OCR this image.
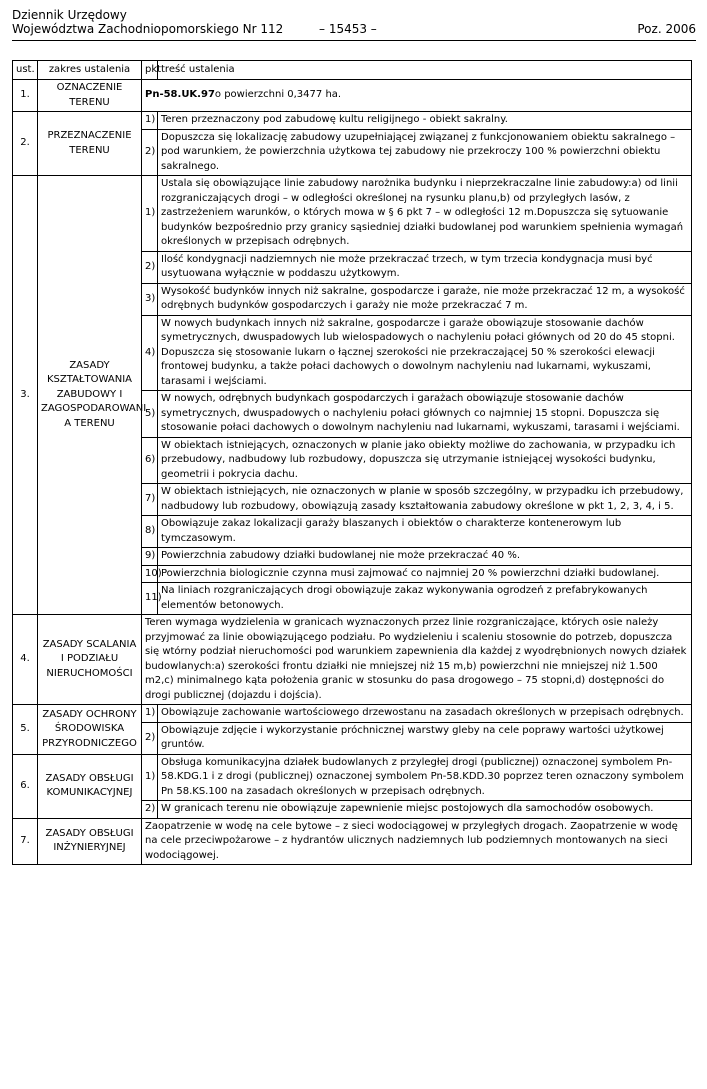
Dziennik Urzędowy
Województwa Zachodniopomorskiego Nr 112	– 15453 –	Poz. 2006
ust.	zakres ustalenia	pkt	treść ustalenia
1.	OZNACZENIE TERENU	Pn-58.UK.97o powierzchni 0,3477 ha.	
2.	PRZEZNACZENIE TERENU	1)	Teren przeznaczony pod zabudowę kultu religijnego - obiekt sakralny.
		2)	Dopuszcza się lokalizację zabudowy uzupełniającej związanej z funkcjonowaniem obiektu sakralnego – pod warunkiem, że powierzchnia użytkowa tej zabudowy nie przekroczy 100 % powierzchni obiektu sakralnego.
3.	ZASADY KSZTAŁTOWANIA ZABUDOWY I ZAGOSPODAROWANI A TERENU	1)	Ustala się obowiązujące linie zabudowy narożnika budynku i nieprzekraczalne linie zabudowy:a) od linii rozgraniczających drogi – w odległości określonej na rysunku planu,b) od przyległych lasów, z zastrzeżeniem warunków, o których mowa w § 6 pkt 7 – w odległości 12 m.Dopuszcza się sytuowanie budynków bezpośrednio przy granicy sąsiedniej działki budowlanej pod warunkiem spełnienia wymagań określonych w przepisach odrębnych.
		2)	Ilość kondygnacji nadziemnych nie może przekraczać trzech, w tym trzecia kondygnacja musi być usytuowana wyłącznie w poddaszu użytkowym.
		3)	Wysokość budynków innych niż sakralne, gospodarcze i garaże, nie może przekraczać 12 m, a wysokość odrębnych budynków gospodarczych i garaży nie może przekraczać 7 m.
		4)	W nowych budynkach innych niż sakralne, gospodarcze i garaże obowiązuje stosowanie dachów symetrycznych, dwuspadowych lub wielospadowych o nachyleniu połaci głównych od 20 do 45 stopni. Dopuszcza się stosowanie lukarn o łącznej szerokości nie przekraczającej 50 % szerokości elewacji frontowej budynku, a także połaci dachowych o dowolnym nachyleniu nad lukarnami, wykuszami, tarasami i wejściami.
		5)	W nowych, odrębnych budynkach gospodarczych i garażach obowiązuje stosowanie dachów symetrycznych, dwuspadowych o nachyleniu połaci głównych co najmniej 15 stopni. Dopuszcza się stosowanie połaci dachowych o dowolnym nachyleniu nad lukarnami, wykuszami, tarasami i wejściami.
		6)	W obiektach istniejących, oznaczonych w planie jako obiekty możliwe do zachowania, w przypadku ich przebudowy, nadbudowy lub rozbudowy, dopuszcza się utrzymanie istniejącej wysokości budynku, geometrii i pokrycia dachu.
		7)	W obiektach istniejących, nie oznaczonych w planie w sposób szczególny, w przypadku ich przebudowy, nadbudowy lub rozbudowy, obowiązują zasady kształtowania zabudowy określone w pkt 1, 2, 3, 4, i 5.
		8)	Obowiązuje zakaz lokalizacji garaży blaszanych i obiektów o charakterze kontenerowym lub tymczasowym.
		9)	Powierzchnia zabudowy działki budowlanej nie może przekraczać 40 %.
		10)	Powierzchnia biologicznie czynna musi zajmować co najmniej 20 % powierzchni działki budowlanej.
		11)	Na liniach rozgraniczających drogi obowiązuje zakaz wykonywania ogrodzeń z prefabrykowanych elementów betonowych.
4.	ZASADY SCALANIA I PODZIAŁU NIERUCHOMOŚCI	Teren wymaga wydzielenia w granicach wyznaczonych przez linie rozgraniczające, których osie należy przyjmować za linie obowiązującego podziału. Po wydzieleniu i scaleniu stosownie do potrzeb, dopuszcza się wtórny podział nieruchomości pod warunkiem zapewnienia dla każdej z wyodrębnionych nowych działek budowlanych:a) szerokości frontu działki nie mniejszej niż 15 m,b) powierzchni nie mniejszej niż 1.500 m2,c) minimalnego kąta położenia granic w stosunku do pasa drogowego – 75 stopni,d) dostępności do drogi publicznej (dojazdu i dojścia).	
5.	ZASADY OCHRONY ŚRODOWISKA PRZYRODNICZEGO	1)	Obowiązuje zachowanie wartościowego drzewostanu na zasadach określonych w przepisach odrębnych.
		2)	Obowiązuje zdjęcie i wykorzystanie próchnicznej warstwy gleby na cele poprawy wartości użytkowej gruntów.
6.	ZASADY OBSŁUGI KOMUNIKACYJNEJ	1)	Obsługa komunikacyjna działek budowlanych z przyległej drogi (publicznej) oznaczonej symbolem Pn-58.KDG.1 i z drogi (publicznej) oznaczonej symbolem Pn-58.KDD.30 poprzez teren oznaczony symbolem Pn 58.KS.100 na zasadach określonych w przepisach odrębnych.
		2)	W granicach terenu nie obowiązuje zapewnienie miejsc postojowych dla samochodów osobowych.
7.	ZASADY OBSŁUGI INŻYNIERYJNEJ	Zaopatrzenie w wodę na cele bytowe – z sieci wodociągowej w przyległych drogach. Zaopatrzenie w wodę na cele przeciwpożarowe – z hydrantów ulicznych nadziemnych lub podziemnych montowanych na sieci wodociągowej.	
